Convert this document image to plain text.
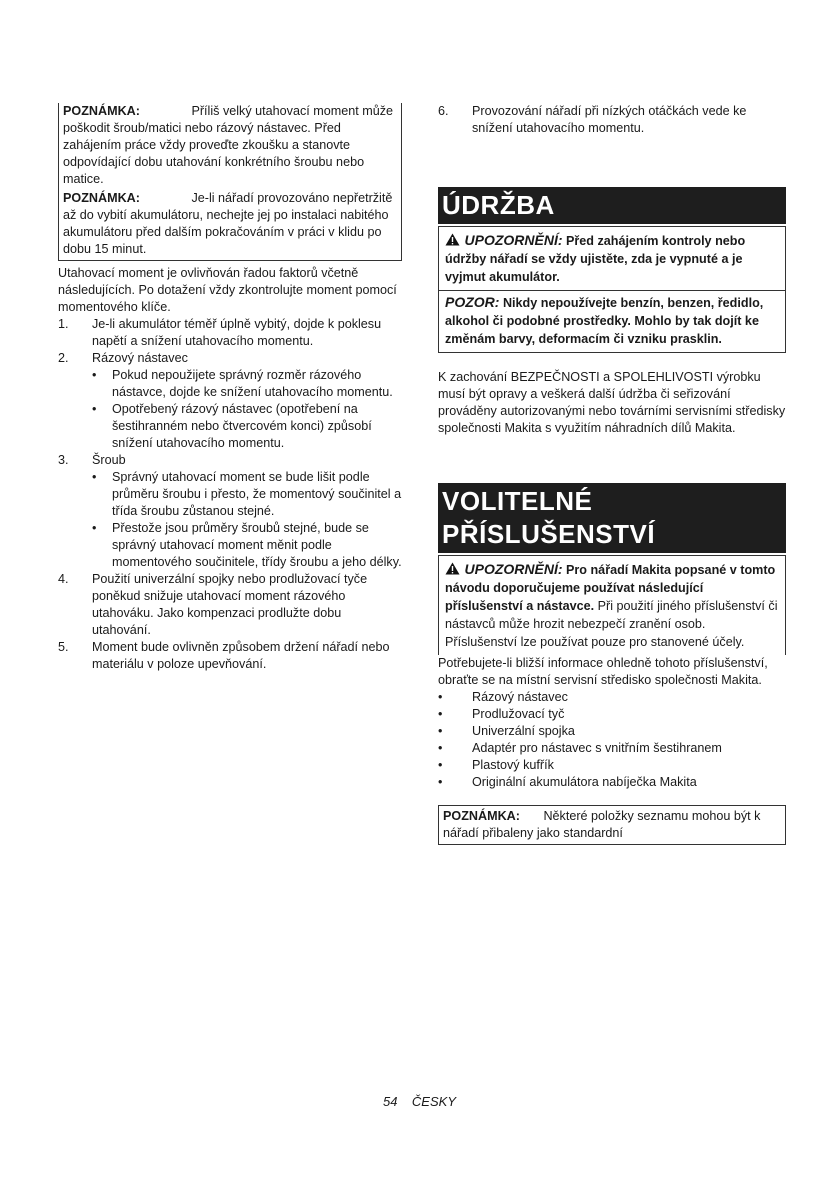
POZNÁMKA:	Příliš velký utahovací moment může poškodit šroub/matici nebo rázový nástavec. Před zahájením práce vždy proveďte zkoušku a stanovte odpovídající dobu utahování konkrétního šroubu nebo matice.

POZNÁMKA:	Je-li nářadí provozováno nepřetržitě až do vybití akumulátoru, nechejte jej po instalaci nabitého akumulátoru před dalším pokračováním v práci v klidu po dobu 15 minut.

Utahovací moment je ovlivňován řadou faktorů včetně následujících. Po dotažení vždy zkontrolujte moment pomocí momentového klíče.

1.	Je-li akumulátor téměř úplně vybitý, dojde k poklesu napětí a snížení utahovacího momentu.
2.	Rázový nástavec
•	Pokud nepoužijete správný rozměr rázového nástavce, dojde ke snížení utahovacího momentu.
•	Opotřebený rázový nástavec (opotřebení na šestihranném nebo čtvercovém konci) způsobí snížení utahovacího momentu.
3.	Šroub
•	Správný utahovací moment se bude lišit podle průměru šroubu i přesto, že momentový součinitel a třída šroubu zůstanou stejné.
•	Přestože jsou průměry šroubů stejné, bude se správný utahovací moment měnit podle momentového součinitele, třídy šroubu a jeho délky.
4.	Použití univerzální spojky nebo prodlužovací tyče poněkud snižuje utahovací moment rázového utahováku. Jako kompenzaci prodlužte dobu utahování.
5.	Moment bude ovlivněn způsobem držení nářadí nebo materiálu v poloze upevňování.
6.	Provozování nářadí při nízkých otáčkách vede ke snížení utahovacího momentu.
ÚDRŽBA
UPOZORNĚNÍ: Před zahájením kontroly nebo údržby nářadí se vždy ujistěte, zda je vypnuté a je vyjmut akumulátor.
POZOR: Nikdy nepoužívejte benzín, benzen, ředidlo, alkohol či podobné prostředky. Mohlo by tak dojít ke změnám barvy, deformacím či vzniku prasklin.

K zachování BEZPEČNOSTI a SPOLEHLIVOSTI výrobku musí být opravy a veškerá další údržba či seřizování prováděny autorizovanými nebo továrními servisními středisky společnosti Makita s využitím náhradních dílů Makita.

VOLITELNÉ
PŘÍSLUŠENSTVÍ
UPOZORNĚNÍ: Pro nářadí Makita popsané v tomto návodu doporučujeme používat následující příslušenství a nástavce. Při použití jiného příslušenství či nástavců může hrozit nebezpečí zranění osob. Příslušenství lze používat pouze pro stanovené účely.

Potřebujete-li bližší informace ohledně tohoto příslušenství, obraťte se na místní servisní středisko společnosti Makita.

•	Rázový nástavec
•	Prodlužovací tyč
•	Univerzální spojka
•	Adaptér pro nástavec s vnitřním šestihranem
•	Plastový kufřík
•	Originální akumulátora nabíječka Makita
POZNÁMKA: Některé položky seznamu mohou být k nářadí přibaleny jako standardní
54 ČESKY
